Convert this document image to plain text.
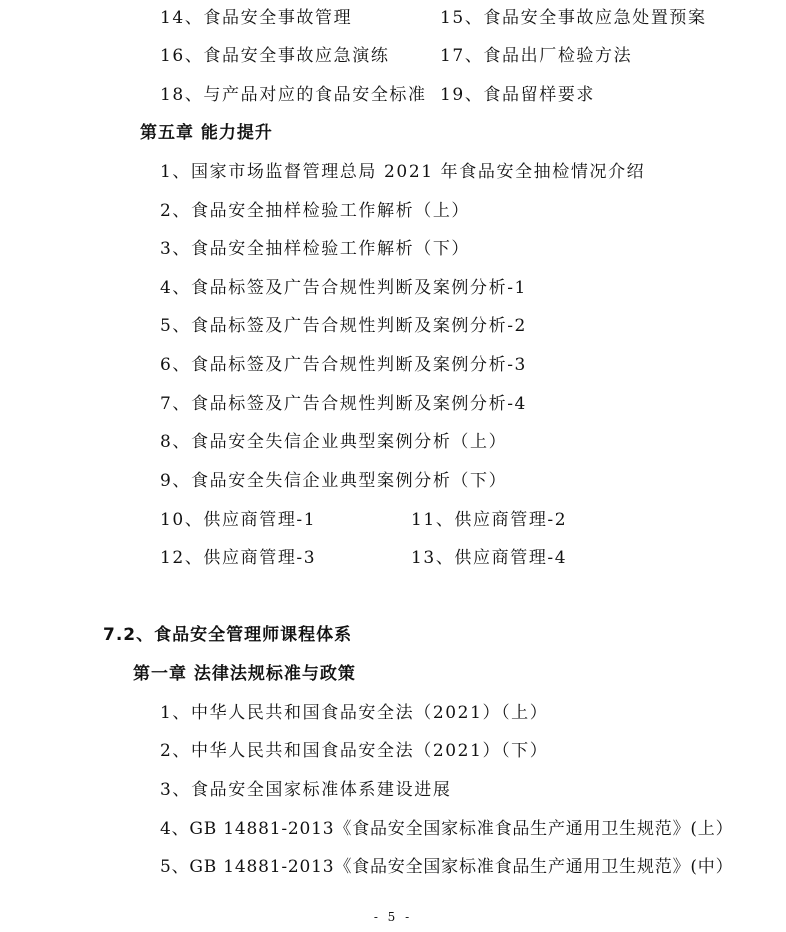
14、食品安全事故管理	15、食品安全事故应急处置预案
16、食品安全事故应急演练	17、食品出厂检验方法
18、与产品对应的食品安全标准 19、食品留样要求
第五章 能力提升
1、国家市场监督管理总局 2021 年食品安全抽检情况介绍
2、食品安全抽样检验工作解析（上）
3、食品安全抽样检验工作解析（下）
4、食品标签及广告合规性判断及案例分析-1
5、食品标签及广告合规性判断及案例分析-2
6、食品标签及广告合规性判断及案例分析-3
7、食品标签及广告合规性判断及案例分析-4
8、食品安全失信企业典型案例分析（上）
9、食品安全失信企业典型案例分析（下）
10、供应商管理-1	11、供应商管理-2
12、供应商管理-3	13、供应商管理-4
7.2、食品安全管理师课程体系
第一章 法律法规标准与政策
1、中华人民共和国食品安全法（2021）（上）
2、中华人民共和国食品安全法（2021）（下）
3、食品安全国家标准体系建设进展
4、GB 14881-2013《食品安全国家标准食品生产通用卫生规范》(上）
5、GB 14881-2013《食品安全国家标准食品生产通用卫生规范》(中）
- 5 -
